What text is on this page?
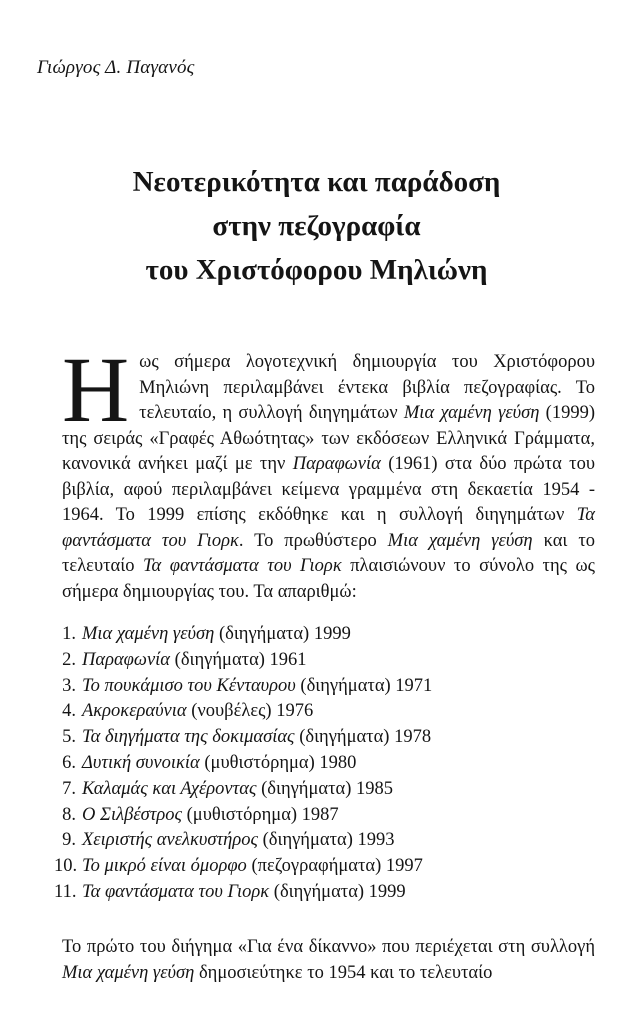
Γιώργος Δ. Παγανός
Νεοτερικότητα και παράδοση
στην πεζογραφία
του Χριστόφορου Μηλιώνη

Ηως σήμερα λογοτεχνική δημιουργία του Χριστόφορου Μηλιώνη περιλαμβάνει έντεκα βιβλία πεζογραφίας. Το τελευταίο, η συλλογή διηγημάτων Μια χαμένη γεύση (1999) της σειράς «Γραφές Αθωότητας» των εκδόσεων Ελληνικά Γράμματα, κανονικά ανήκει μαζί με την Παραφωνία (1961) στα δύο πρώτα του βιβλία, αφού περιλαμβάνει κείμενα γραμμένα στη δεκαετία 1954 - 1964. Το 1999 επίσης εκδόθηκε και η συλλογή διηγημάτων Τα φαντάσματα του Γιορκ. Το πρωθύστερο Μια χαμένη γεύση και το τελευταίο Τα φαντάσματα του Γιορκ πλαισιώνουν το σύνολο της ως σήμερα δημιουργίας του. Τα απαριθμώ:

1. Μια χαμένη γεύση (διηγήματα) 1999
2. Παραφωνία (διηγήματα) 1961
3. Το πουκάμισο του Κένταυρου (διηγήματα) 1971
4. Ακροκεραύνια (νουβέλες) 1976
5. Τα διηγήματα της δοκιμασίας (διηγήματα) 1978
6. Δυτική συνοικία (μυθιστόρημα) 1980
7. Καλαμάς και Αχέροντας (διηγήματα) 1985
8. Ο Σιλβέστρος (μυθιστόρημα) 1987
9. Χειριστής ανελκυστήρος (διηγήματα) 1993
10. Το μικρό είναι όμορφο (πεζογραφήματα) 1997
11. Τα φαντάσματα του Γιορκ (διηγήματα) 1999

Το πρώτο του διήγημα «Για ένα δίκαννο» που περιέχεται στη συλλογή Μια χαμένη γεύση δημοσιεύτηκε το 1954 και το τελευταίο
